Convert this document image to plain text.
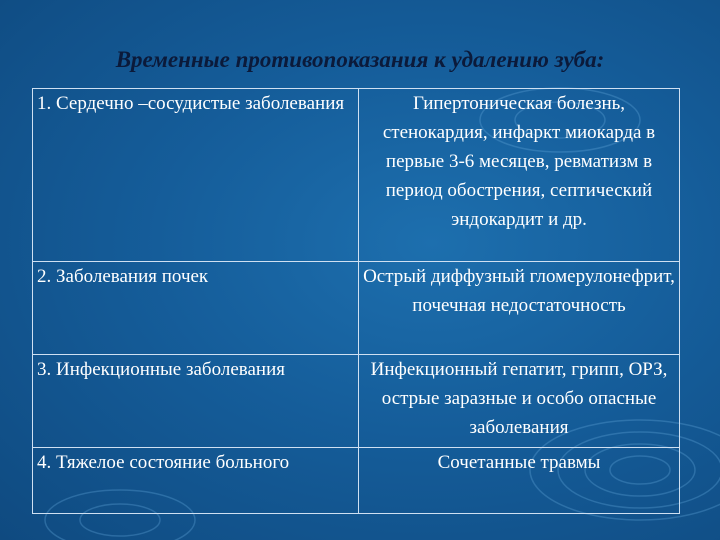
Временные противопоказания к удалению зуба:
1. Сердечно –сосудистые заболевания	Гипертоническая болезнь, стенокардия, инфаркт миокарда в первые 3-6 месяцев, ревматизм в период обострения, септический эндокардит и др.
2. Заболевания почек	Острый диффузный гломерулонефрит, почечная недостаточность
3. Инфекционные заболевания	Инфекционный гепатит, грипп, ОРЗ, острые заразные и особо опасные заболевания
4. Тяжелое состояние больного	Сочетанные травмы
